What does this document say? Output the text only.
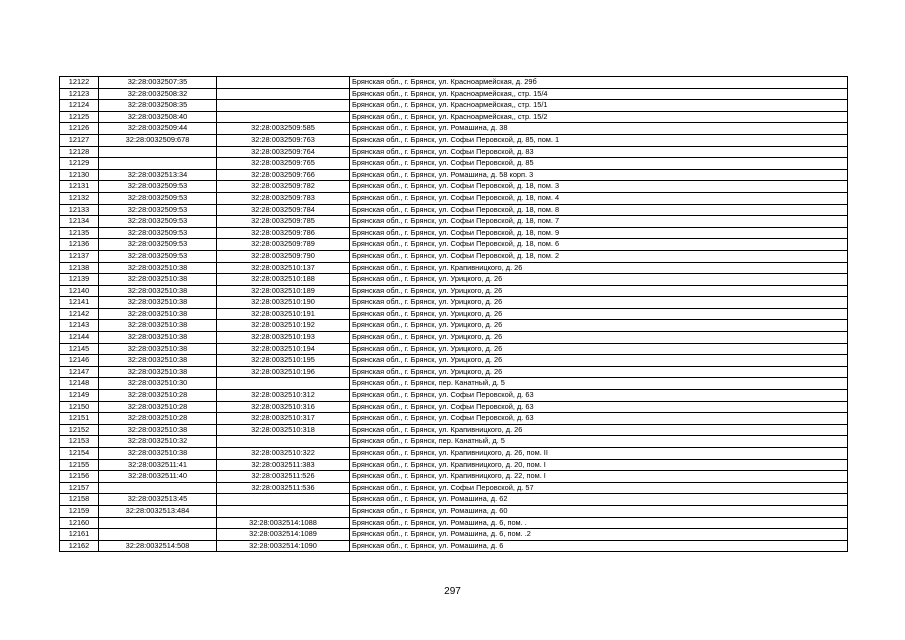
12122	32:28:0032507:35		Брянская обл., г. Брянск, ул. Красноармейская, д. 29б
12123	32:28:0032508:32		Брянская обл., г. Брянск, ул. Красноармейская,, стр. 15/4
12124	32:28:0032508:35		Брянская обл., г. Брянск, ул. Красноармейская,, стр. 15/1
12125	32:28:0032508:40		Брянская обл., г. Брянск, ул. Красноармейская,, стр. 15/2
12126	32:28:0032509:44	32:28:0032509:585	Брянская обл., г. Брянск, ул. Ромашина, д. 38
12127	32:28:0032509:678	32:28:0032509:763	Брянская обл., г. Брянск, ул. Софьи Перовской, д. 85, пом. 1
12128		32:28:0032509:764	Брянская обл., г. Брянск, ул. Софьи Перовской, д. 83
12129		32:28:0032509:765	Брянская обл., г. Брянск, ул. Софьи Перовской, д. 85
12130	32:28:0032513:34	32:28:0032509:766	Брянская обл., г. Брянск, ул. Ромашина, д. 58 корп. 3
12131	32:28:0032509:53	32:28:0032509:782	Брянская обл., г. Брянск, ул. Софьи Перовской, д. 18, пом. 3
12132	32:28:0032509:53	32:28:0032509:783	Брянская обл., г. Брянск, ул. Софьи Перовской, д. 18, пом. 4
12133	32:28:0032509:53	32:28:0032509:784	Брянская обл., г. Брянск, ул. Софьи Перовской, д. 18, пом. 8
12134	32:28:0032509:53	32:28:0032509:785	Брянская обл., г. Брянск, ул. Софьи Перовской, д. 18, пом. 7
12135	32:28:0032509:53	32:28:0032509:786	Брянская обл., г. Брянск, ул. Софьи Перовской, д. 18, пом. 9
12136	32:28:0032509:53	32:28:0032509:789	Брянская обл., г. Брянск, ул. Софьи Перовской, д. 18, пом. 6
12137	32:28:0032509:53	32:28:0032509:790	Брянская обл., г. Брянск, ул. Софьи Перовской, д. 18, пом. 2
12138	32:28:0032510:38	32:28:0032510:137	Брянская обл., г. Брянск, ул. Крапивницкого, д. 26
12139	32:28:0032510:38	32:28:0032510:188	Брянская обл., г. Брянск, ул. Урицкого, д. 26
12140	32:28:0032510:38	32:28:0032510:189	Брянская обл., г. Брянск, ул. Урицкого, д. 26
12141	32:28:0032510:38	32:28:0032510:190	Брянская обл., г. Брянск, ул. Урицкого, д. 26
12142	32:28:0032510:38	32:28:0032510:191	Брянская обл., г. Брянск, ул. Урицкого, д. 26
12143	32:28:0032510:38	32:28:0032510:192	Брянская обл., г. Брянск, ул. Урицкого, д. 26
12144	32:28:0032510:38	32:28:0032510:193	Брянская обл., г. Брянск, ул. Урицкого, д. 26
12145	32:28:0032510:38	32:28:0032510:194	Брянская обл., г. Брянск, ул. Урицкого, д. 26
12146	32:28:0032510:38	32:28:0032510:195	Брянская обл., г. Брянск, ул. Урицкого, д. 26
12147	32:28:0032510:38	32:28:0032510:196	Брянская обл., г. Брянск, ул. Урицкого, д. 26
12148	32:28:0032510:30		Брянская обл., г. Брянск, пер. Канатный, д. 5
12149	32:28:0032510:28	32:28:0032510:312	Брянская обл., г. Брянск, ул. Софьи Перовской, д. 63
12150	32:28:0032510:28	32:28:0032510:316	Брянская обл., г. Брянск, ул. Софьи Перовской, д. 63
12151	32:28:0032510:28	32:28:0032510:317	Брянская обл., г. Брянск, ул. Софьи Перовской, д. 63
12152	32:28:0032510:38	32:28:0032510:318	Брянская обл., г. Брянск, ул. Крапивницкого, д. 26
12153	32:28:0032510:32		Брянская обл., г. Брянск, пер. Канатный, д. 5
12154	32:28:0032510:38	32:28:0032510:322	Брянская обл., г. Брянск, ул. Крапивницкого, д. 26, пом. II
12155	32:28:0032511:41	32:28:0032511:383	Брянская обл., г. Брянск, ул. Крапивницкого, д. 20, пом. I
12156	32:28:0032511:40	32:28:0032511:526	Брянская обл., г. Брянск, ул. Крапивницкого, д. 22, пом. I
12157		32:28:0032511:536	Брянская обл., г. Брянск, ул. Софьи Перовской, д. 57
12158	32:28:0032513:45		Брянская обл., г. Брянск, ул. Ромашина, д. 62
12159	32:28:0032513:484		Брянская обл., г. Брянск, ул. Ромашина, д. 60
12160		32:28:0032514:1088	Брянская обл., г. Брянск, ул. Ромашина, д. 6, пом. .
12161		32:28:0032514:1089	Брянская обл., г. Брянск, ул. Ромашина, д. 6, пом. .2
12162	32:28:0032514:508	32:28:0032514:1090	Брянская обл., г. Брянск, ул. Ромашина, д. 6
297
